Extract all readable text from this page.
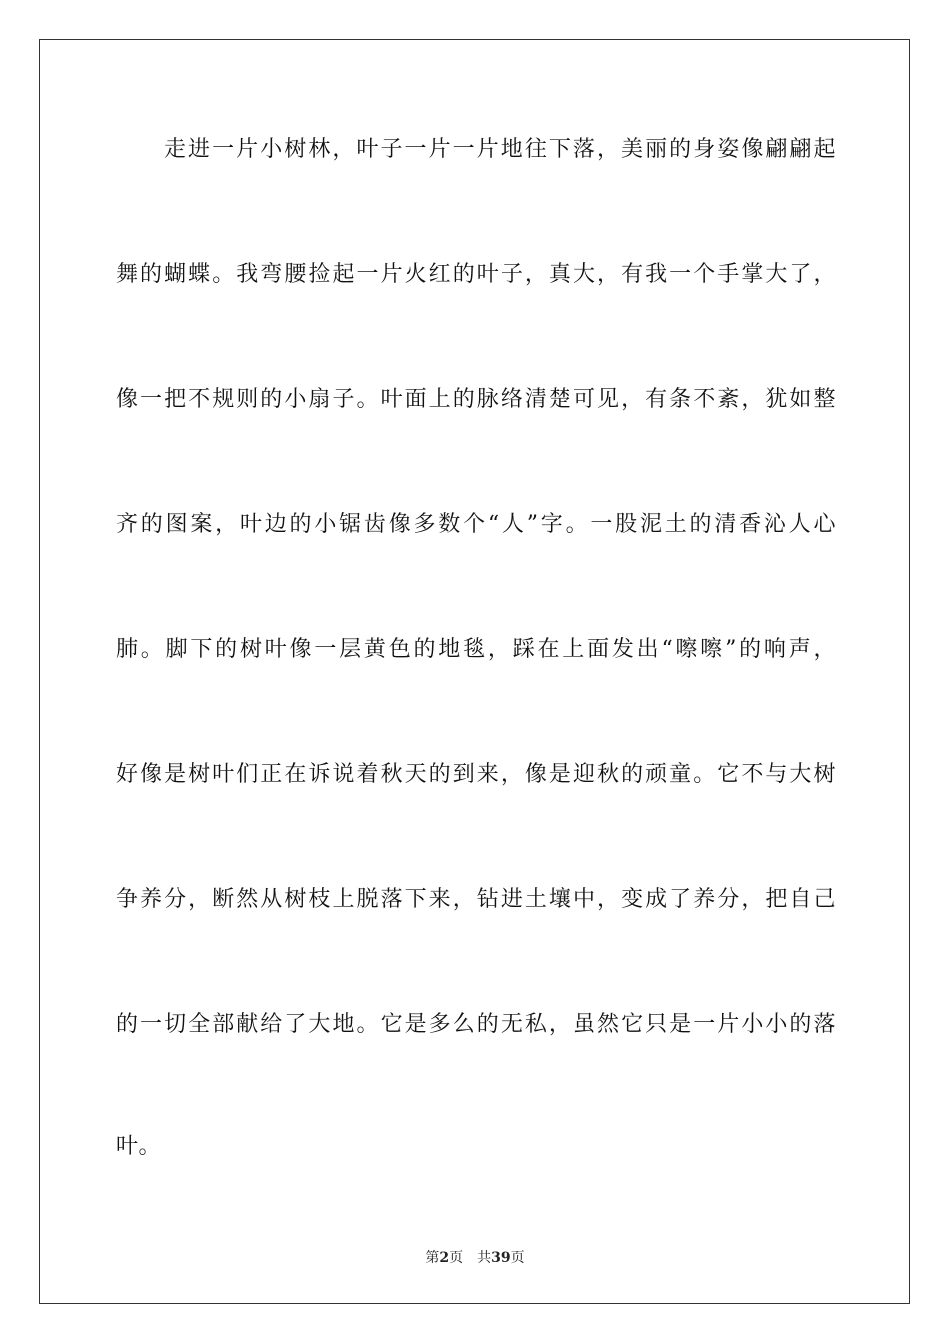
走进一片小树林，叶子一片一片地往下落，美丽的身姿像翩翩起
舞的蝴蝶。我弯腰捡起一片火红的叶子，真大，有我一个手掌大了，
像一把不规则的小扇子。叶面上的脉络清楚可见，有条不紊，犹如整
齐的图案，叶边的小锯齿像多数个“人”字。一股泥土的清香沁人心
肺。脚下的树叶像一层黄色的地毯，踩在上面发出“嚓嚓”的响声，
好像是树叶们正在诉说着秋天的到来，像是迎秋的顽童。它不与大树
争养分，断然从树枝上脱落下来，钻进土壤中，变成了养分，把自己
的一切全部献给了大地。它是多么的无私，虽然它只是一片小小的落
叶。
第2页 共39页
